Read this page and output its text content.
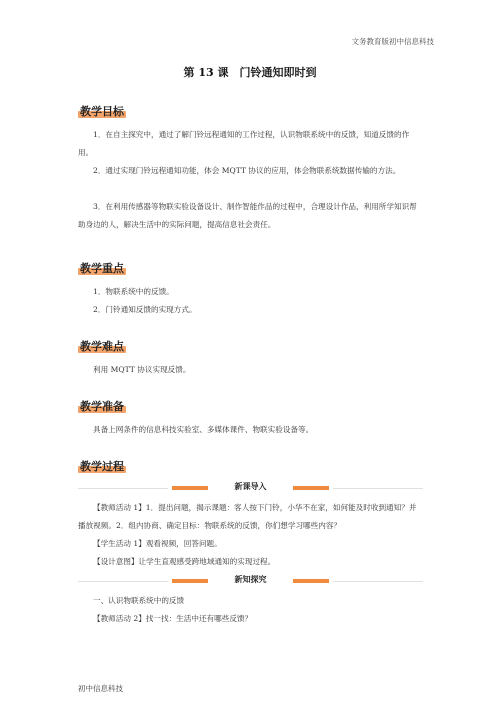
文务教育版初中信息科技
第 13 课　门铃通知即时到
教学目标

1．在自主探究中，通过了解门铃远程通知的工作过程，认识物联系统中的反馈，知道反馈的作用。

2．通过实现门铃远程通知功能，体会 MQTT 协议的应用，体会物联系统数据传输的方法。

3．在利用传感器等物联实验设备设计、制作智能作品的过程中，合理设计作品，利用所学知识帮助身边的人，解决生活中的实际问题，提高信息社会责任。

教学重点

1．物联系统中的反馈。

2．门铃通知反馈的实现方式。

教学难点

利用 MQTT 协议实现反馈。

教学准备

具备上网条件的信息科技实验室、多媒体课件、物联实验设备等。

教学过程
新课导入

【教师活动 1】1．提出问题，揭示课题：客人按下门铃，小华不在家，如何能及时收到通知？并播放视频。2．组内协商、确定目标：物联系统的反馈，你们想学习哪些内容？

【学生活动 1】观看视频，回答问题。

【设计意图】让学生直观感受跨地域通知的实现过程。

新知探究

一、认识物联系统中的反馈

【教师活动 2】找一找：生活中还有哪些反馈？

初中信息科技
